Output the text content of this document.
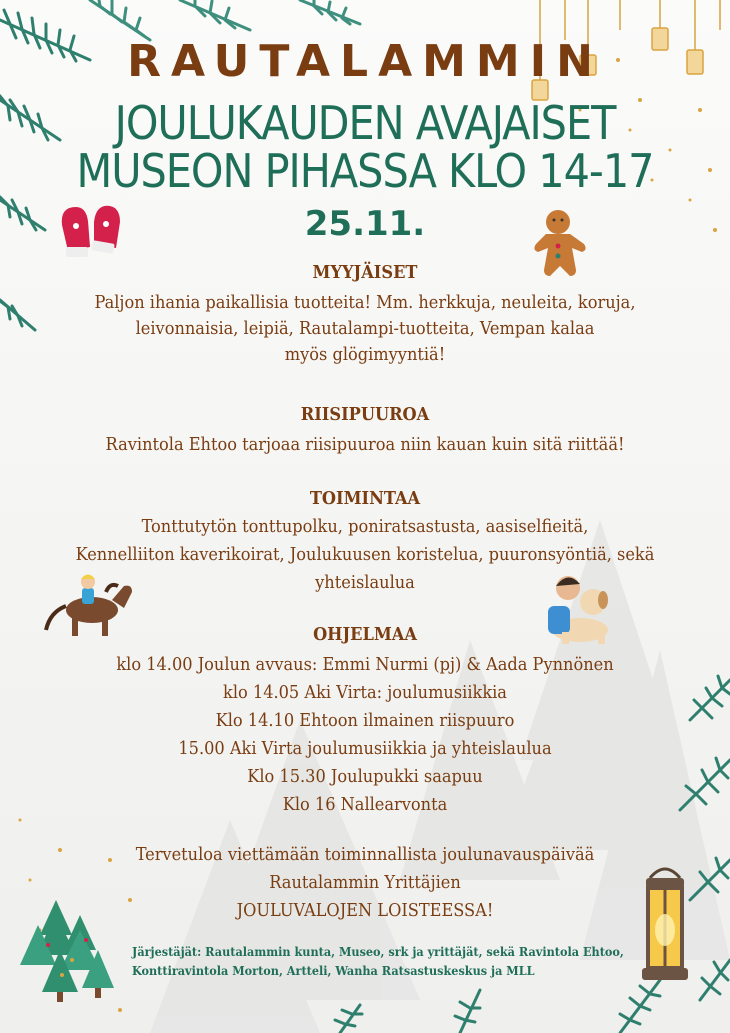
RAUTALAMMIN
JOULUKAUDEN AVAJAISET
MUSEON PIHASSA KLO 14-17
25.11.
MYYJÄISET
Paljon ihania paikallisia tuotteita! Mm. herkkuja, neuleita, koruja,
leivonnaisia, leipiä, Rautalampi-tuotteita, Vempan kalaa
myös glögimyyntiä!
RIISIPUUROA
Ravintola Ehtoo tarjoaa riisipuuroa niin kauan kuin sitä riittää!
TOIMINTAA
Tonttutytön tonttupolku, poniratsastusta, aasiselfieitä,
Kennelliiton kaverikoirat, Joulukuusen koristelua, puuronsyöntiä, sekä
yhteislaulua
OHJELMAA
klo 14.00 Joulun avvaus: Emmi Nurmi (pj) & Aada Pynnönen
klo 14.05 Aki Virta: joulumusiikkia
Klo 14.10 Ehtoon ilmainen riispuuro
15.00 Aki Virta joulumusiikkia ja yhteislaulua
Klo 15.30 Joulupukki saapuu
Klo 16 Nallearvonta
Tervetuloa viettämään toiminnallista joulunavauspäivää
Rautalammin Yrittäjien
JOULUVALOJEN LOISTEESSA!
Järjestäjät: Rautalammin kunta, Museo, srk ja yrittäjät, sekä Ravintola Ehtoo,
Konttiravintola Morton, Artteli, Wanha Ratsastuskeskus ja MLL
